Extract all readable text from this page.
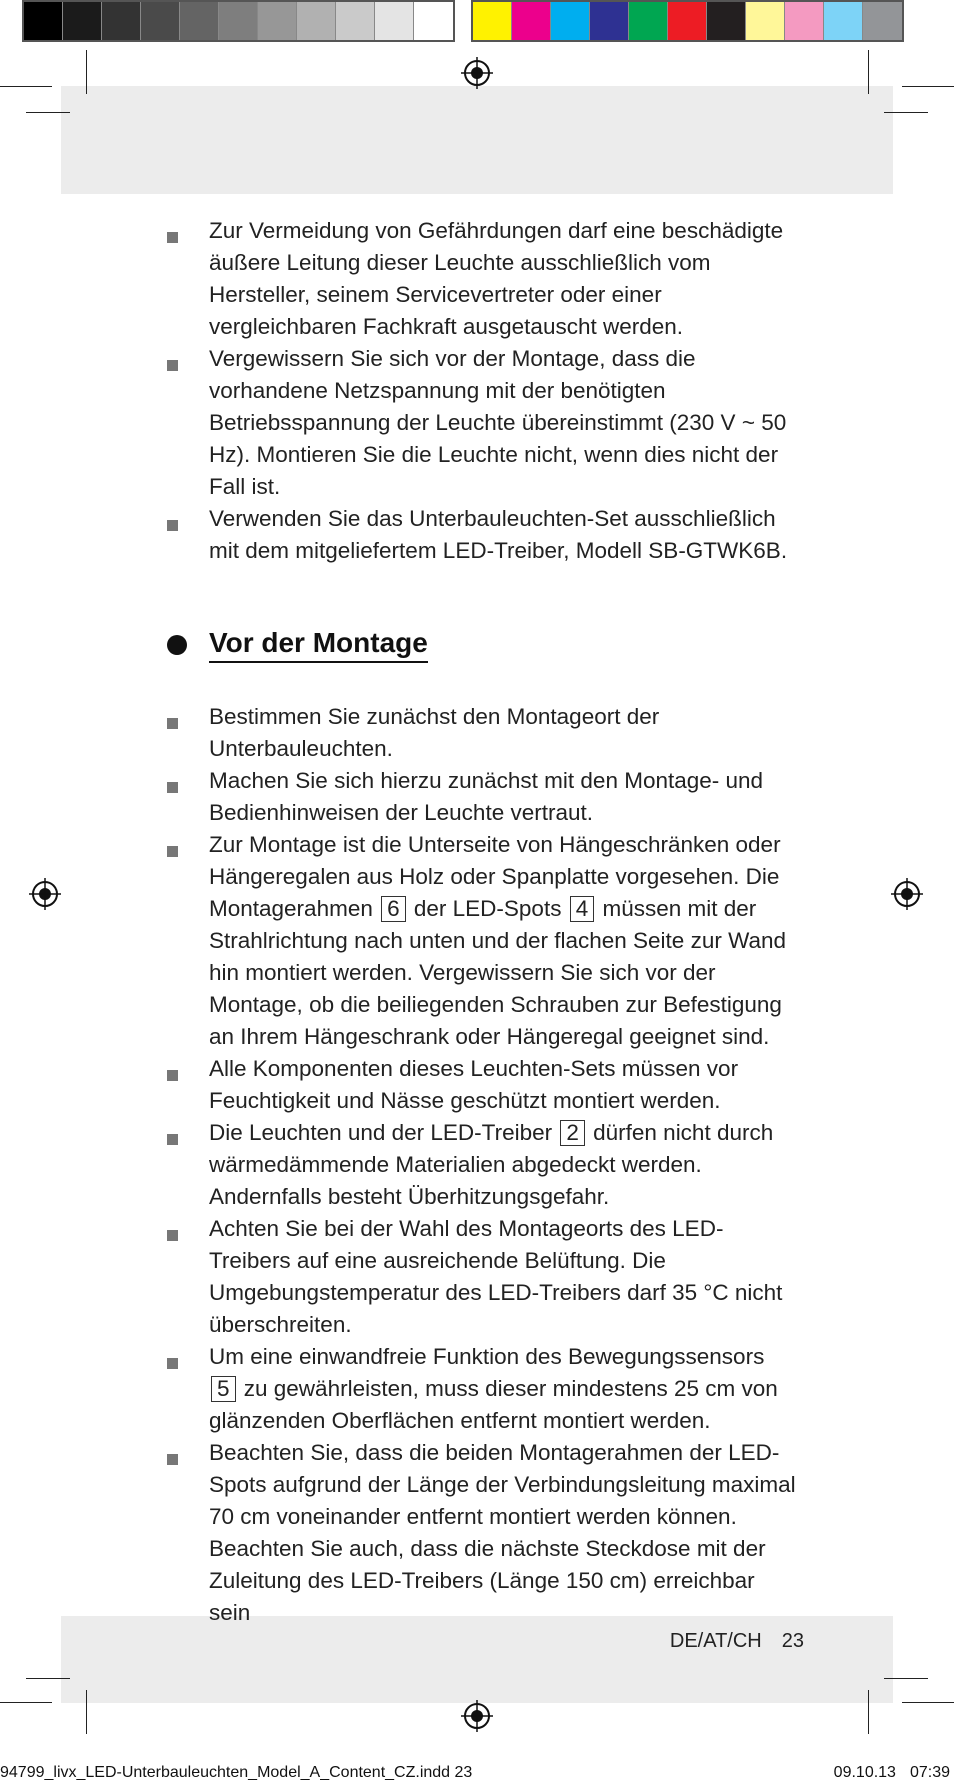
Zur Vermeidung von Gefährdungen darf eine beschädigte äußere Leitung dieser Leuchte ausschließlich vom Hersteller, seinem Servicevertreter oder einer vergleichbaren Fachkraft ausgetauscht werden.
Vergewissern Sie sich vor der Montage, dass die vorhandene Netzspannung mit der benötigten Betriebsspannung der Leuchte übereinstimmt (230 V ~ 50 Hz). Montieren Sie die Leuchte nicht, wenn dies nicht der Fall ist.
Verwenden Sie das Unterbauleuchten-Set ausschließlich mit dem mitgeliefertem LED-Treiber, Modell SB-GTWK6B.
Vor der Montage
Bestimmen Sie zunächst den Montageort der Unterbauleuchten.
Machen Sie sich hierzu zunächst mit den Montage- und Bedienhinweisen der Leuchte vertraut.
Zur Montage ist die Unterseite von Hängeschränken oder Hängeregalen aus Holz oder Spanplatte vorgesehen. Die Montagerahmen 6 der LED-Spots 4 müssen mit der Strahlrichtung nach unten und der flachen Seite zur Wand hin montiert werden. Vergewissern Sie sich vor der Montage, ob die beiliegenden Schrauben zur Befestigung an Ihrem Hängeschrank oder Hängeregal geeignet sind.
Alle Komponenten dieses Leuchten-Sets müssen vor Feuchtigkeit und Nässe geschützt montiert werden.
Die Leuchten und der LED-Treiber 2 dürfen nicht durch wärmedämmende Materialien abgedeckt werden. Andernfalls besteht Überhitzungsgefahr.
Achten Sie bei der Wahl des Montageorts des LED-Treibers auf eine ausreichende Belüftung. Die Umgebungstemperatur des LED-Treibers darf 35 °C nicht überschreiten.
Um eine einwandfreie Funktion des Bewegungssensors 5 zu gewährleisten, muss dieser mindestens 25 cm von glänzenden Oberflächen entfernt montiert werden.
Beachten Sie, dass die beiden Montagerahmen der LED-Spots aufgrund der Länge der Verbindungsleitung maximal 70 cm voneinander entfernt montiert werden können. Beachten Sie auch, dass die nächste Steckdose mit der Zuleitung des LED-Treibers (Länge 150 cm) erreichbar sein
DE/AT/CH 23
94799_livx_LED-Unterbauleuchten_Model_A_Content_CZ.indd 23	09.10.13 07:39
